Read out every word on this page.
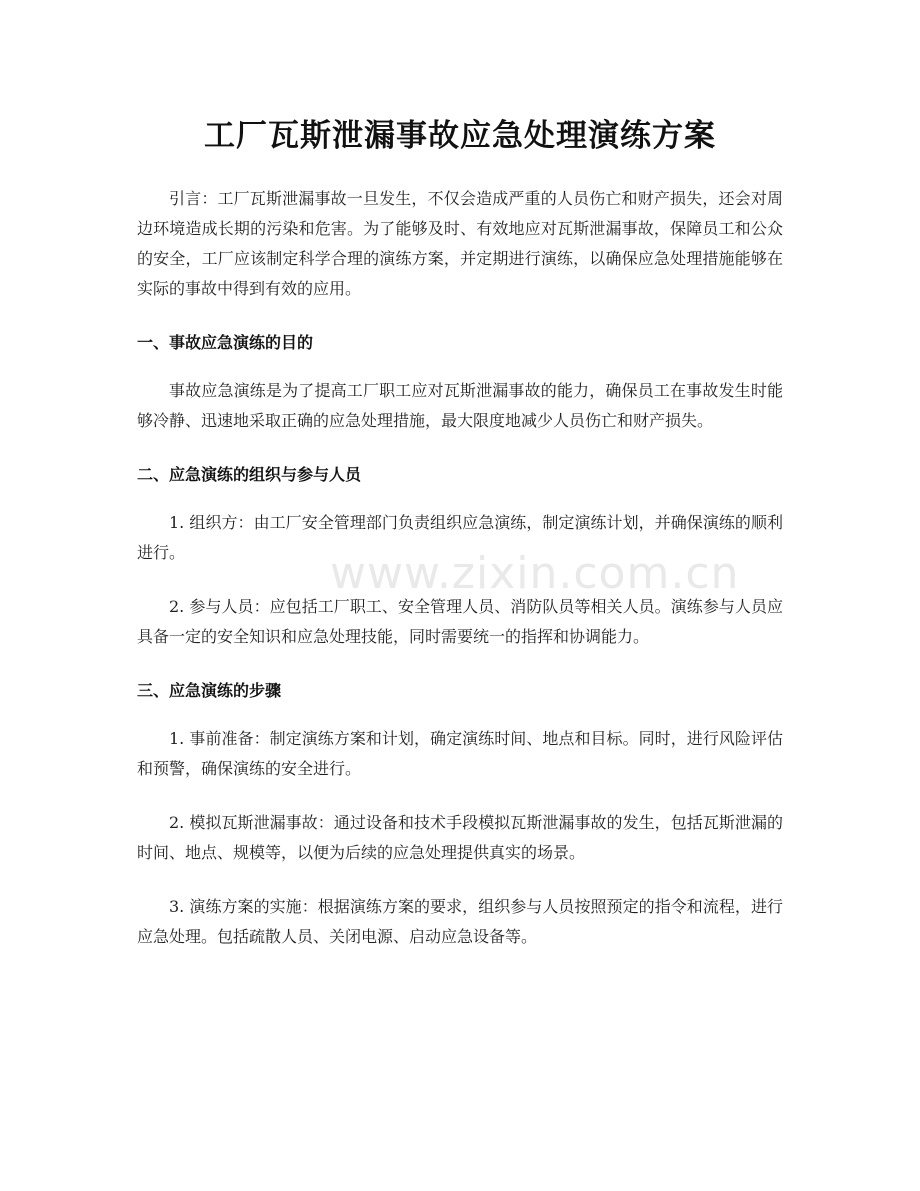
www.zixin.com.cn
工厂瓦斯泄漏事故应急处理演练方案

引言：工厂瓦斯泄漏事故一旦发生，不仅会造成严重的人员伤亡和财产损失，还会对周边环境造成长期的污染和危害。为了能够及时、有效地应对瓦斯泄漏事故，保障员工和公众的安全，工厂应该制定科学合理的演练方案，并定期进行演练，以确保应急处理措施能够在实际的事故中得到有效的应用。

一、事故应急演练的目的

事故应急演练是为了提高工厂职工应对瓦斯泄漏事故的能力，确保员工在事故发生时能够冷静、迅速地采取正确的应急处理措施，最大限度地减少人员伤亡和财产损失。

二、应急演练的组织与参与人员

1. 组织方：由工厂安全管理部门负责组织应急演练，制定演练计划，并确保演练的顺利进行。

2. 参与人员：应包括工厂职工、安全管理人员、消防队员等相关人员。演练参与人员应具备一定的安全知识和应急处理技能，同时需要统一的指挥和协调能力。

三、应急演练的步骤

1. 事前准备：制定演练方案和计划，确定演练时间、地点和目标。同时，进行风险评估和预警，确保演练的安全进行。

2. 模拟瓦斯泄漏事故：通过设备和技术手段模拟瓦斯泄漏事故的发生，包括瓦斯泄漏的时间、地点、规模等，以便为后续的应急处理提供真实的场景。

3. 演练方案的实施：根据演练方案的要求，组织参与人员按照预定的指令和流程，进行应急处理。包括疏散人员、关闭电源、启动应急设备等。
